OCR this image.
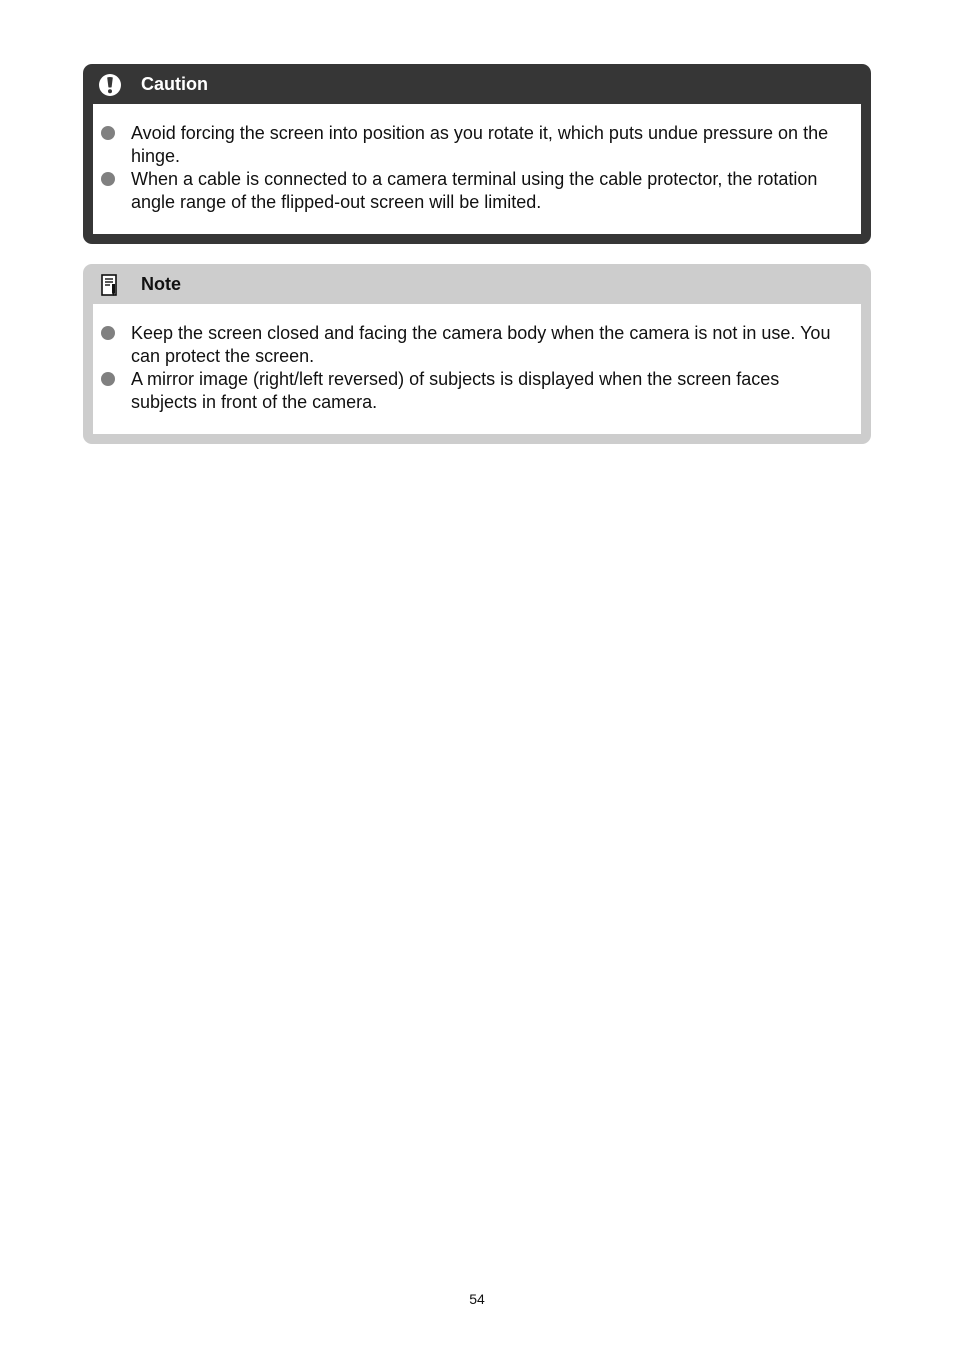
Caution
Avoid forcing the screen into position as you rotate it, which puts undue pressure on the hinge.
When a cable is connected to a camera terminal using the cable protector, the rotation angle range of the flipped-out screen will be limited.
Note
Keep the screen closed and facing the camera body when the camera is not in use. You can protect the screen.
A mirror image (right/left reversed) of subjects is displayed when the screen faces subjects in front of the camera.
54
